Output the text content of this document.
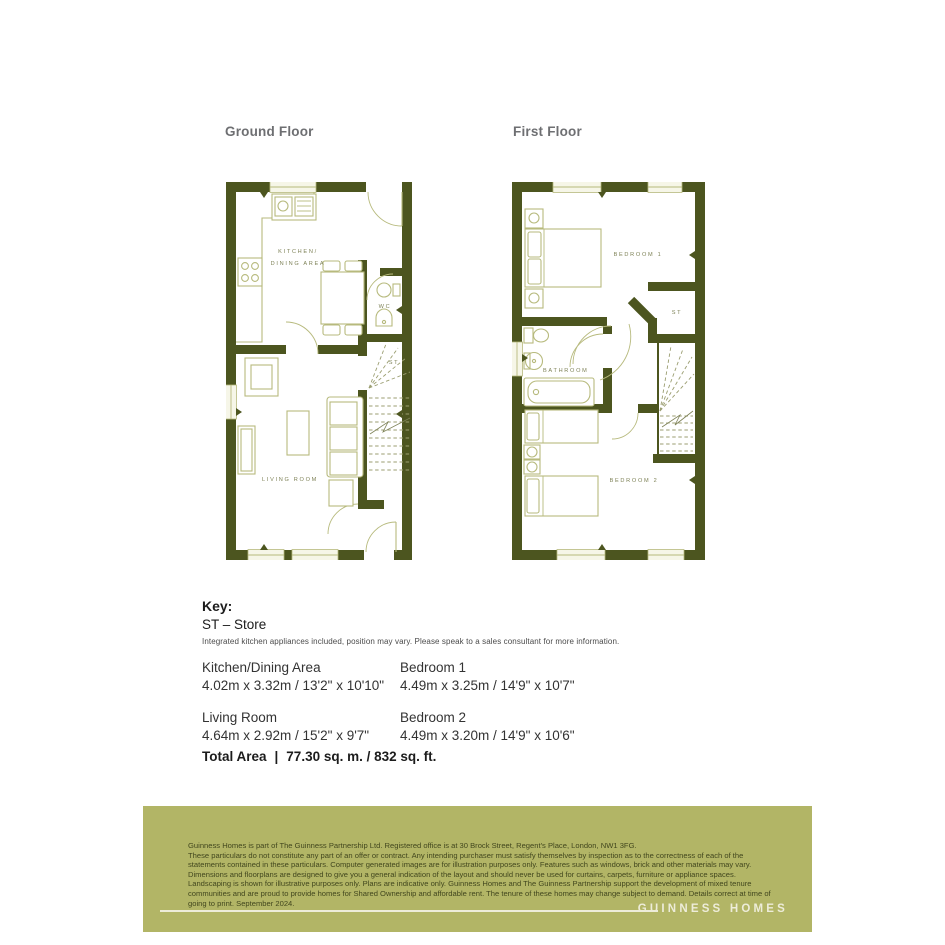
Ground Floor	First Floor
KITCHEN/
DINING AREA
WC
ST
LIVING ROOM
BEDROOM 1
ST
BATHROOM
BEDROOM 2
Key:
ST – Store
Integrated kitchen appliances included, position may vary. Please speak to a sales consultant for more information.
Kitchen/Dining Area
4.02m x 3.32m / 13'2" x 10'10"
Bedroom 1
4.49m x 3.25m / 14'9" x 10'7"
Living Room
4.64m x 2.92m / 15'2" x 9'7"
Bedroom 2
4.49m x 3.20m / 14'9" x 10'6"
Total Area | 77.30 sq. m. / 832 sq. ft.

Guinness Homes is part of The Guinness Partnership Ltd. Registered office is at 30 Brock Street, Regent's Place, London, NW1 3FG.

These particulars do not constitute any part of an offer or contract. Any intending purchaser must satisfy themselves by inspection as to the correctness of each of the statements contained in these particulars. Computer generated images are for illustration purposes only. Features such as windows, brick and other materials may vary. Dimensions and floorplans are designed to give you a general indication of the layout and should never be used for curtains, carpets, furniture or appliance spaces. Landscaping is shown for illustrative purposes only. Plans are indicative only. Guinness Homes and The Guinness Partnership support the development of mixed tenure communities and are proud to provide homes for Shared Ownership and affordable rent. The tenure of these homes may change subject to demand. Details correct at time of going to print. September 2024.	GUINNESS HOMES
